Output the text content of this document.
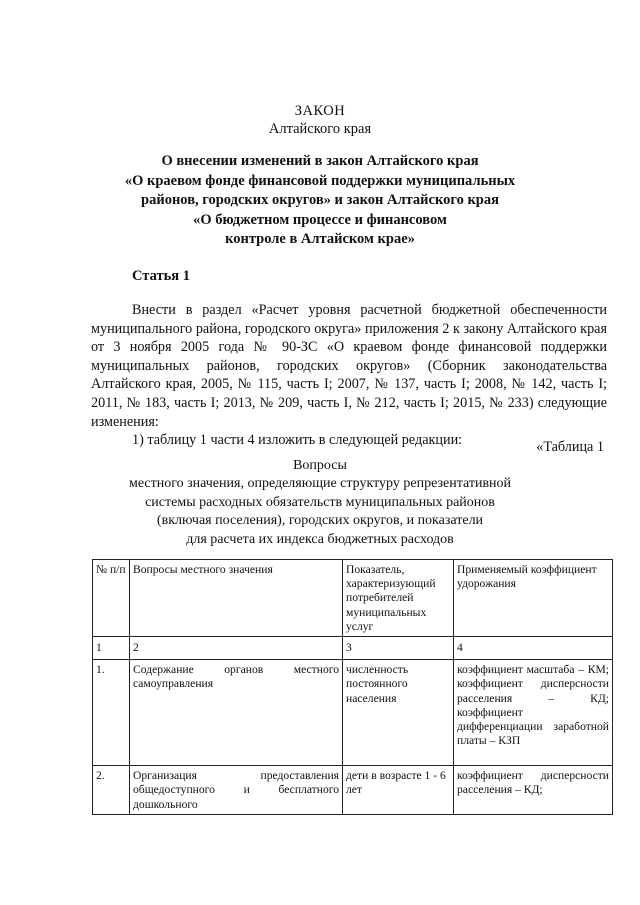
ЗАКОН
Алтайского края
О внесении изменений в закон Алтайского края
«О краевом фонде финансовой поддержки муниципальных
районов, городских округов» и закон Алтайского края
«О бюджетном процессе и финансовом
контроле в Алтайском крае»
Статья 1
Внести в раздел «Расчет уровня расчетной бюджетной обеспеченности муниципального района, городского округа» приложения 2 к закону Алтайского края от 3 ноября 2005 года № 90-ЗС «О краевом фонде финансовой поддержки муниципальных районов, городских округов» (Сборник законодательства Алтайского края, 2005, № 115, часть I; 2007, № 137, часть I; 2008, № 142, часть I; 2011, № 183, часть I; 2013, № 209, часть I, № 212, часть I; 2015, № 233) следующие изменения:
1) таблицу 1 части 4 изложить в следующей редакции:	«Таблица 1
Вопросы
местного значения, определяющие структуру репрезентативной
системы расходных обязательств муниципальных районов
(включая поселения), городских округов, и показатели
для расчета их индекса бюджетных расходов
№ п/п	Вопросы местного значения	Показатель, характеризующий потребителей муниципальных услуг	Применяемый коэффициент удорожания
1	2	3	4
1.	Содержание органов местного самоуправления	численность постоянного населения	коэффициент масштаба – КМ; коэффициент дисперсности расселения – КД; коэффициент дифференциации заработной платы – КЗП
2.	Организация предоставления общедоступного и бесплатного дошкольного	дети в возрасте 1 - 6 лет	коэффициент дисперсности расселения – КД;
